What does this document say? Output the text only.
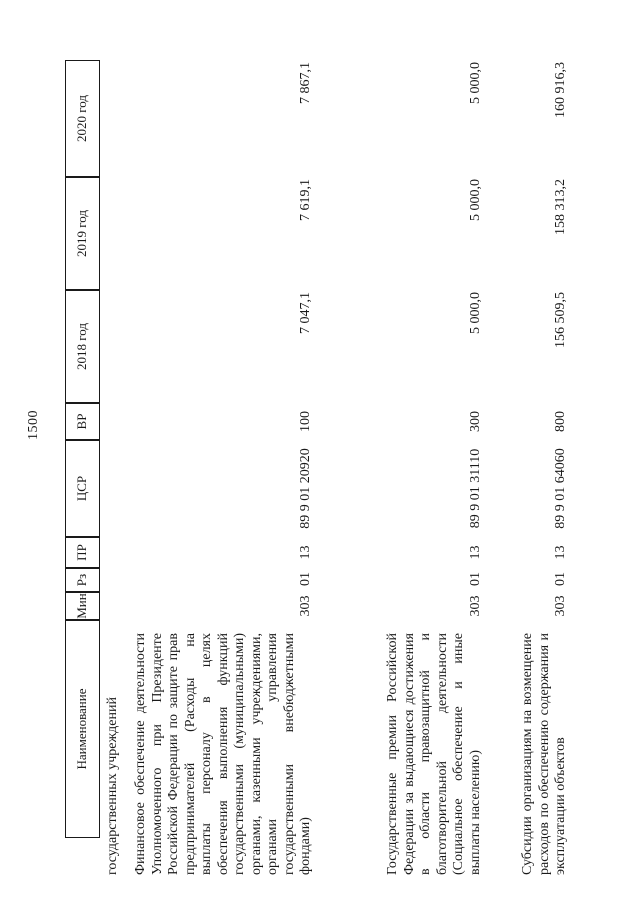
1500
Наименование
Мин
Рз
ПР
ЦСР
ВР
2018 год
2019 год
2020 год
государственных учреждений Финансовое обеспечение деятельности Уполномоченного при Президенте Российской Федерации по защите прав предпринимателей (Расходы на выплаты персоналу в целях обеспечения выполнения функций государственными (муниципальными) органами, казенными учреждениями, органами управления государственными внебюджетными фондами)
303
01
13
89 9 01 20920
100
7 047,1
7 619,1
7 867,1
Государственные премии Российской Федерации за выдающиеся достижения в области правозащитной и благотворительной деятельности (Социальное обеспечение и иные выплаты населению)
303
01
13
89 9 01 31110
300
5 000,0
5 000,0
5 000,0
Субсидии организациям на возмещение расходов по обеспечению содержания и эксплуатации объектов
303
01
13
89 9 01 64060
800
156 509,5
158 313,2
160 916,3
